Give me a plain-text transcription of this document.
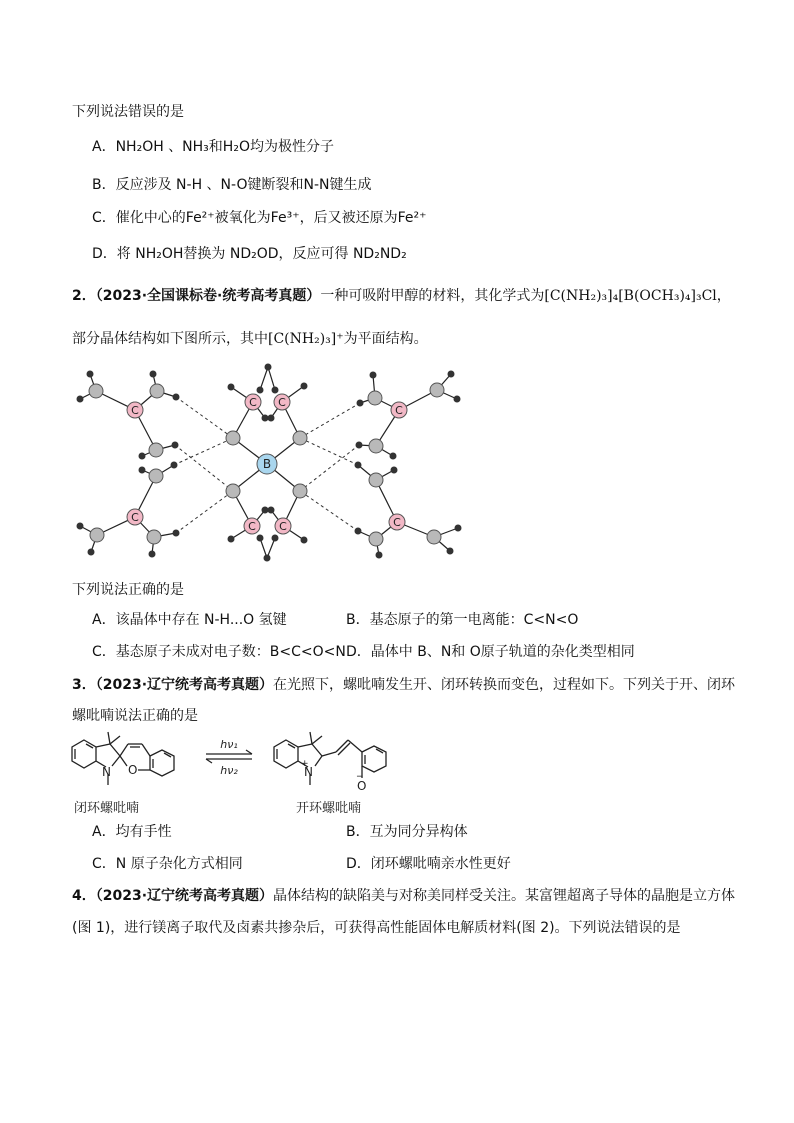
下列说法错误的是
A．NH₂OH 、NH₃和H₂O均为极性分子
B．反应涉及 N-H 、N-O键断裂和N-N键生成
C．催化中心的Fe²⁺被氧化为Fe³⁺，后又被还原为Fe²⁺
D．将 NH₂OH替换为 ND₂OD，反应可得 ND₂ND₂
2．（2023·全国课标卷·统考高考真题）一种可吸附甲醇的材料，其化学式为[C(NH₂)₃]₄[B(OCH₃)₄]₃Cl，
部分晶体结构如下图所示，其中[C(NH₂)₃]⁺为平面结构。
C
C
C C
C C
C
C
B
下列说法正确的是
A．该晶体中存在 N-H...O 氢键	B．基态原子的第一电离能：C<N<O
C．基态原子未成对电子数：B<C<O<N D．晶体中 B、N和 O原子轨道的杂化类型相同
3．（2023·辽宁统考高考真题）在光照下，螺吡喃发生开、闭环转换而变色，过程如下。下列关于开、闭环
螺吡喃说法正确的是
N O
hν₁
hν₂	N
+
O
−
闭环螺吡喃	开环螺吡喃
A．均有手性	B．互为同分异构体
C．N 原子杂化方式相同	D．闭环螺吡喃亲水性更好
4．（2023·辽宁统考高考真题）晶体结构的缺陷美与对称美同样受关注。某富锂超离子导体的晶胞是立方体
(图 1)，进行镁离子取代及卤素共掺杂后，可获得高性能固体电解质材料(图 2)。下列说法错误的是
